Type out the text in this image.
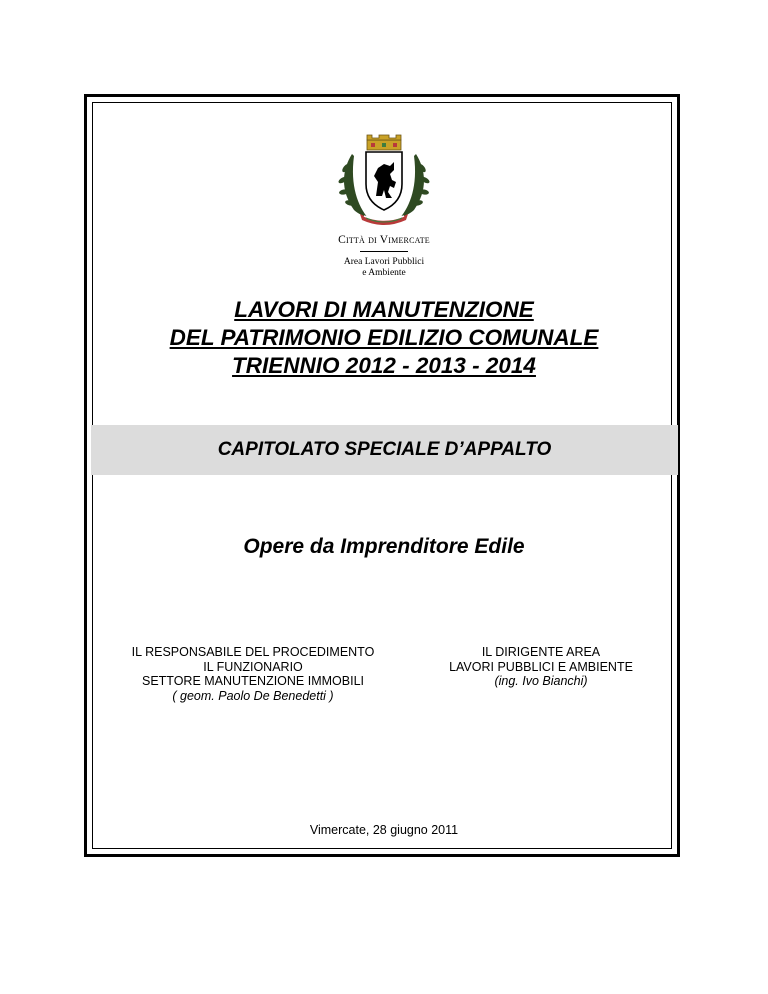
Città di Vimercate
Area Lavori Pubblici
e Ambiente
LAVORI DI MANUTENZIONE
DEL PATRIMONIO EDILIZIO COMUNALE
TRIENNIO 2012 - 2013 - 2014
CAPITOLATO SPECIALE D’APPALTO
Opere da Imprenditore Edile
IL RESPONSABILE DEL PROCEDIMENTO
IL FUNZIONARIO
SETTORE MANUTENZIONE IMMOBILI
( geom. Paolo De Benedetti )
IL DIRIGENTE AREA
LAVORI PUBBLICI E AMBIENTE
(ing. Ivo Bianchi)
Vimercate, 28 giugno 2011
